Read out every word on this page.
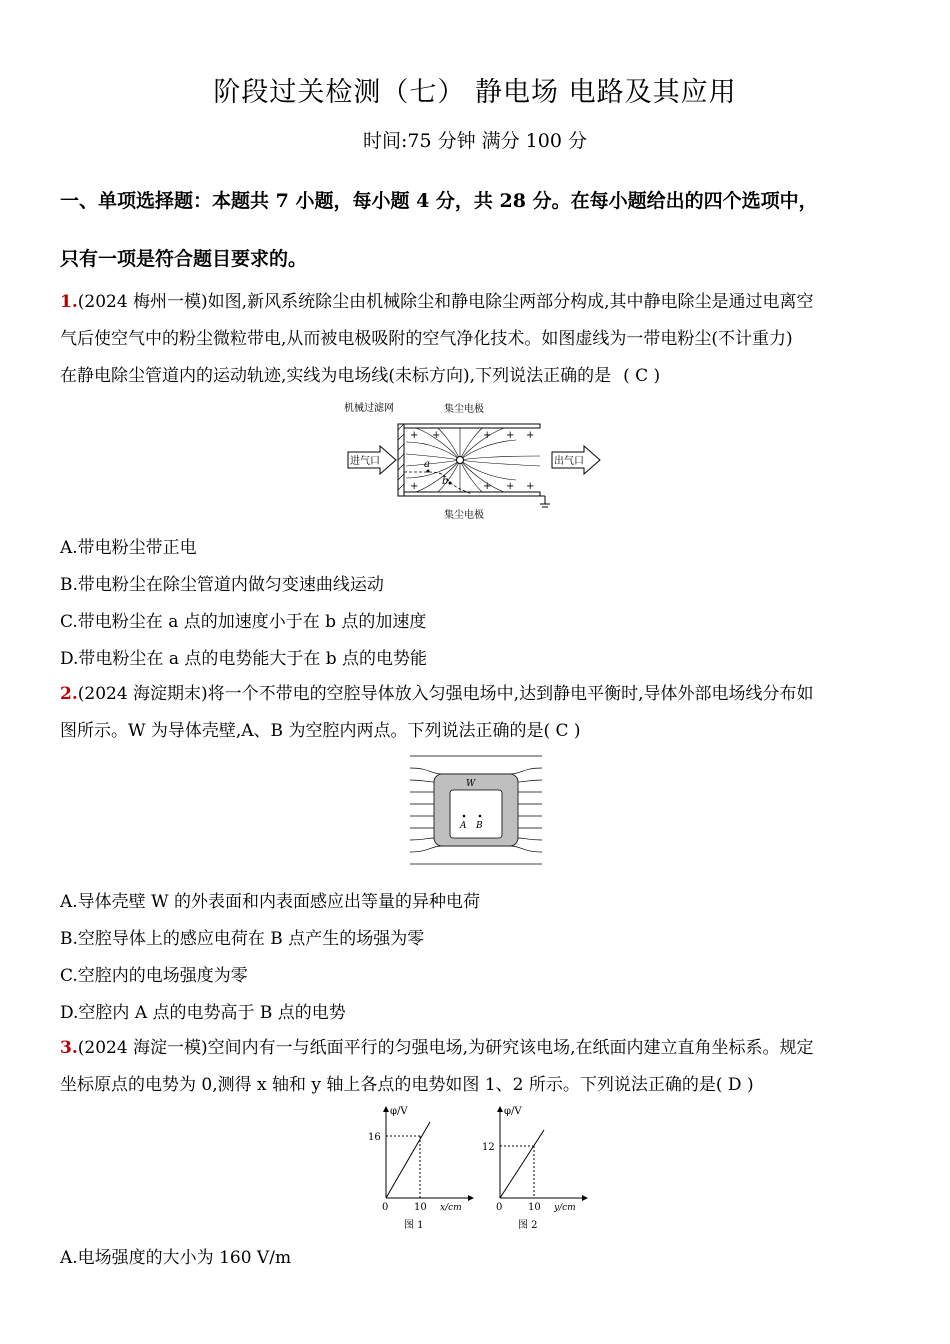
阶段过关检测（七） 静电场 电路及其应用
时间:75 分钟 满分 100 分
一、单项选择题：本题共 7 小题，每小题 4 分，共 28 分。在每小题给出的四个选项中，
只有一项是符合题目要求的。
1.(2024 梅州一模)如图,新风系统除尘由机械除尘和静电除尘两部分构成,其中静电除尘是通过电离空
气后使空气中的粉尘微粒带电,从而被电极吸附的空气净化技术。如图虚线为一带电粉尘(不计重力)
在静电除尘管道内的运动轨迹,实线为电场线(未标方向),下列说法正确的是 ( C )
机械过滤网	集尘电极
集尘电极
a
b
+ +	+ + +
+	+ + +
进气口	出气口
A.带电粉尘带正电
B.带电粉尘在除尘管道内做匀变速曲线运动
C.带电粉尘在 a 点的加速度小于在 b 点的加速度
D.带电粉尘在 a 点的电势能大于在 b 点的电势能
2.(2024 海淀期末)将一个不带电的空腔导体放入匀强电场中,达到静电平衡时,导体外部电场线分布如
图所示。W 为导体壳壁,A、B 为空腔内两点。下列说法正确的是( C )
W
A B
A.导体壳壁 W 的外表面和内表面感应出等量的异种电荷
B.空腔导体上的感应电荷在 B 点产生的场强为零
C.空腔内的电场强度为零
D.空腔内 A 点的电势高于 B 点的电势
3.(2024 海淀一模)空间内有一与纸面平行的匀强电场,为研究该电场,在纸面内建立直角坐标系。规定
坐标原点的电势为 0,测得 x 轴和 y 轴上各点的电势如图 1、2 所示。下列说法正确的是( D )
φ/V
16
0	10 x/cm
图 1
φ/V
12
0	10 y/cm
图 2
A.电场强度的大小为 160 V/m
